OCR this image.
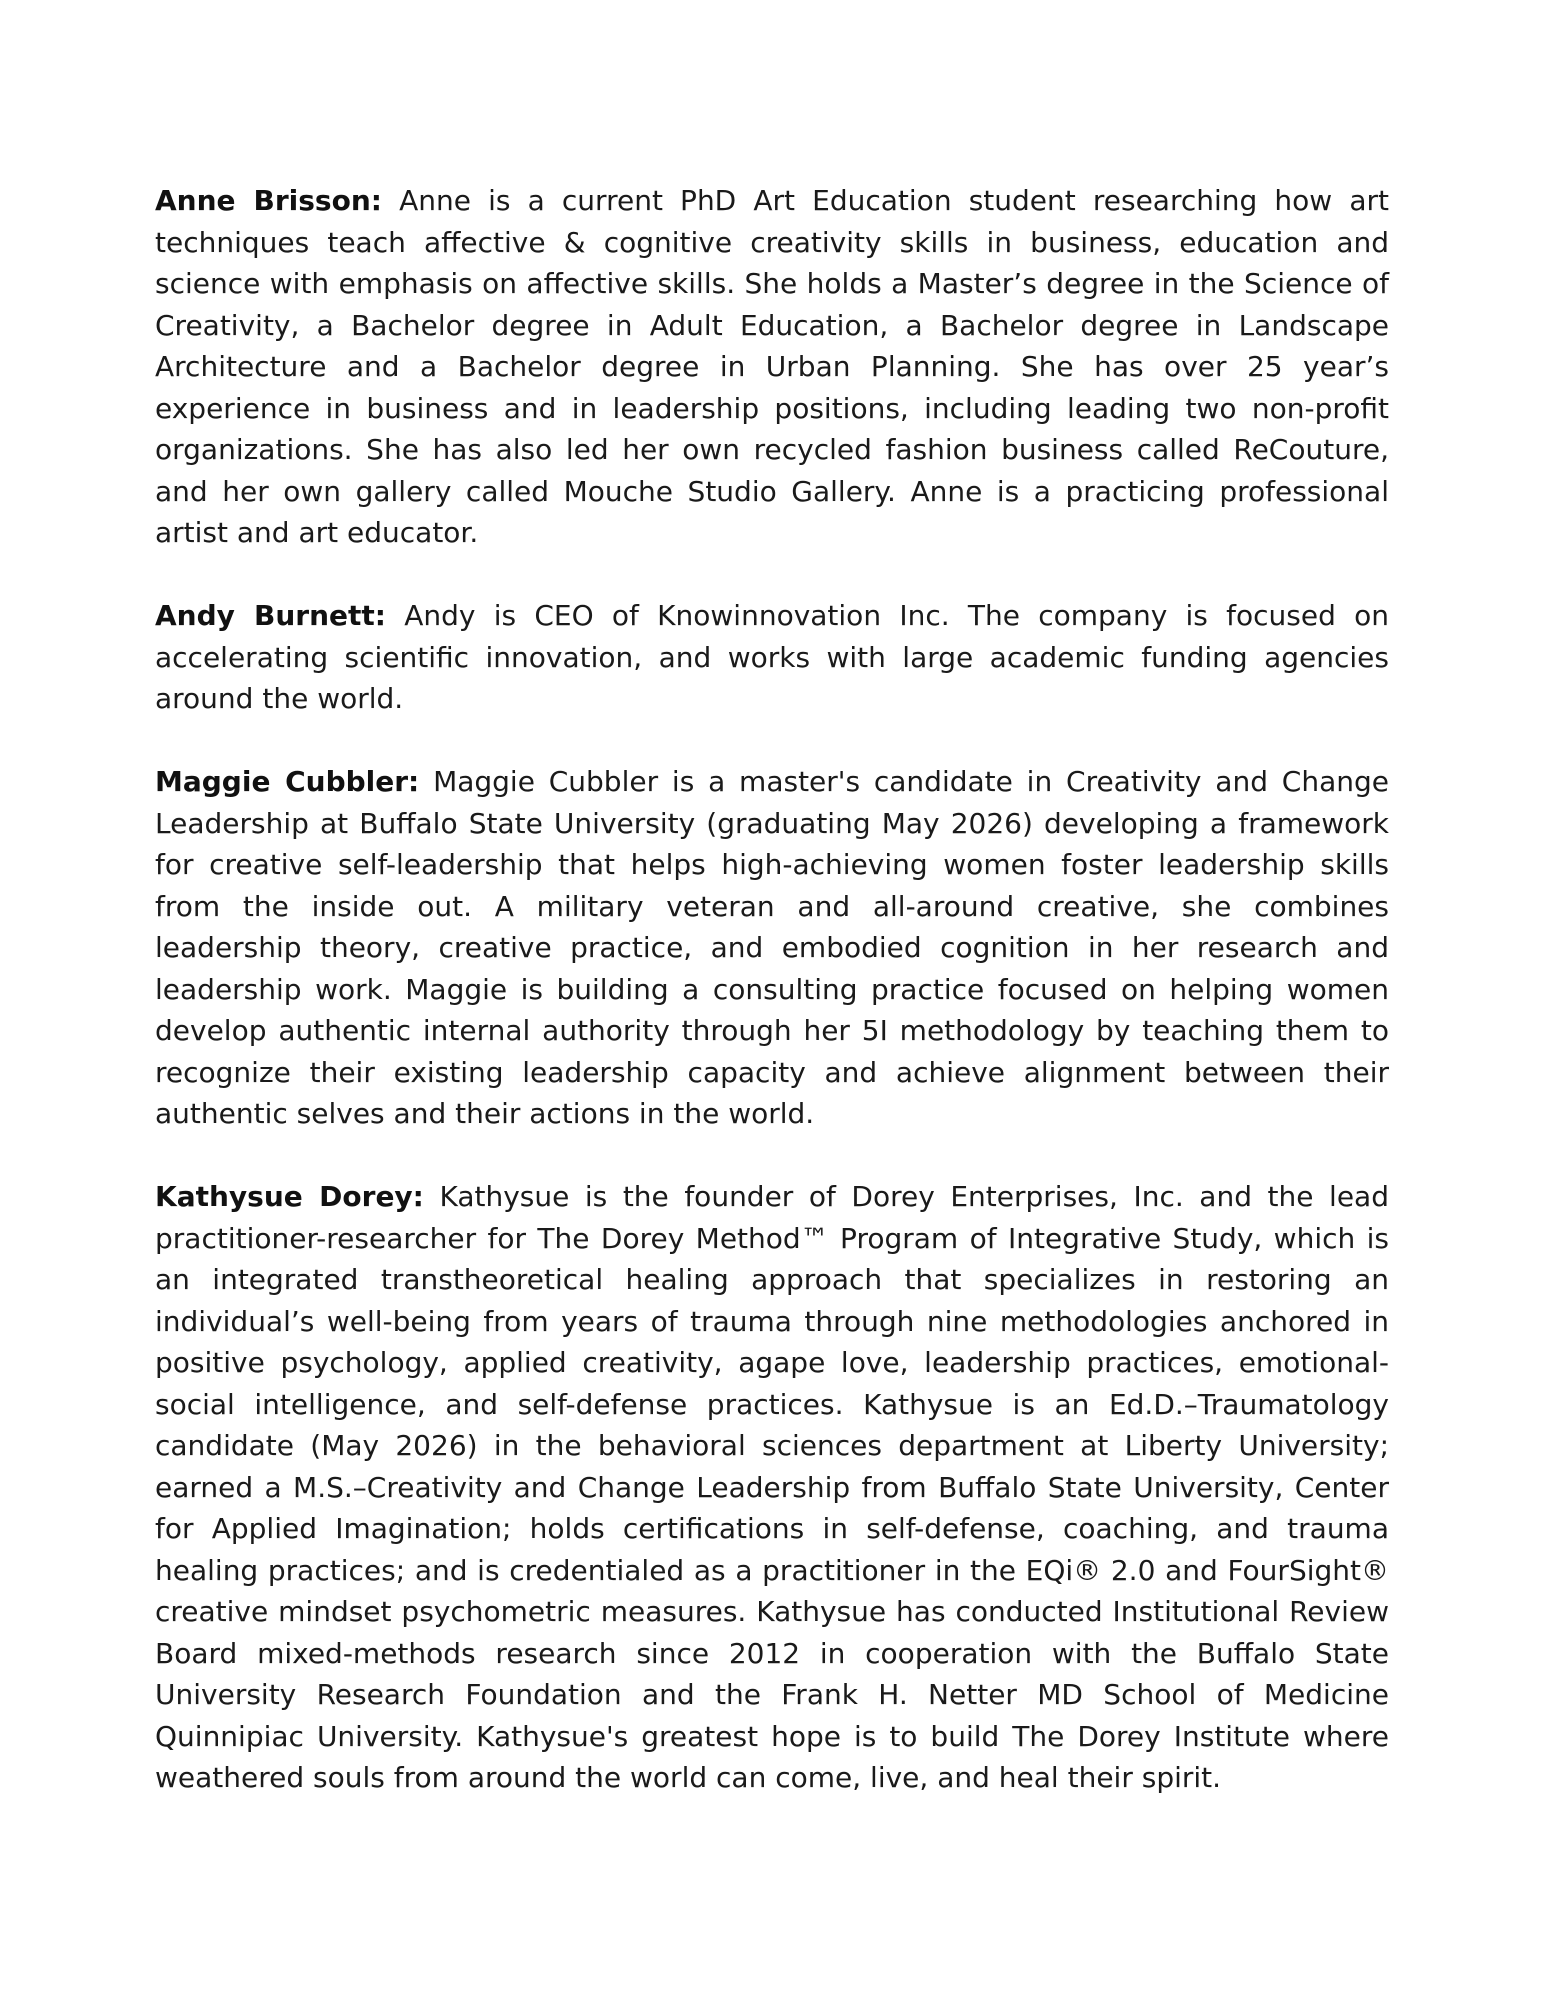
Anne Brisson: Anne is a current PhD Art Education student researching how art techniques teach affective & cognitive creativity skills in business, education and science with emphasis on affective skills. She holds a Master’s degree in the Science of Creativity, a Bachelor degree in Adult Education, a Bachelor degree in Landscape Architecture and a Bachelor degree in Urban Planning. She has over 25 year’s experience in business and in leadership positions, including leading two non-profit organizations. She has also led her own recycled fashion business called ReCouture, and her own gallery called Mouche Studio Gallery. Anne is a practicing professional artist and art educator.

Andy Burnett: Andy is CEO of Knowinnovation Inc. The company is focused on accelerating scientific innovation, and works with large academic funding agencies around the world.

Maggie Cubbler: Maggie Cubbler is a master's candidate in Creativity and Change Leadership at Buffalo State University (graduating May 2026) developing a framework for creative self-leadership that helps high-achieving women foster leadership skills from the inside out. A military veteran and all-around creative, she combines leadership theory, creative practice, and embodied cognition in her research and leadership work. Maggie is building a consulting practice focused on helping women develop authentic internal authority through her 5I methodology by teaching them to recognize their existing leadership capacity and achieve alignment between their authentic selves and their actions in the world.

Kathysue Dorey: Kathysue is the founder of Dorey Enterprises, Inc. and the lead practitioner-researcher for The Dorey Method™ Program of Integrative Study, which is an integrated transtheoretical healing approach that specializes in restoring an individual’s well-being from years of trauma through nine methodologies anchored in positive psychology, applied creativity, agape love, leadership practices, emotional-social intelligence, and self-defense practices. Kathysue is an Ed.D.–Traumatology candidate (May 2026) in the behavioral sciences department at Liberty University; earned a M.S.–Creativity and Change Leadership from Buffalo State University, Center for Applied Imagination; holds certifications in self-defense, coaching, and trauma healing practices; and is credentialed as a practitioner in the EQi® 2.0 and FourSight® creative mindset psychometric measures. Kathysue has conducted Institutional Review Board mixed-methods research since 2012 in cooperation with the Buffalo State University Research Foundation and the Frank H. Netter MD School of Medicine Quinnipiac University. Kathysue's greatest hope is to build The Dorey Institute where weathered souls from around the world can come, live, and heal their spirit.
